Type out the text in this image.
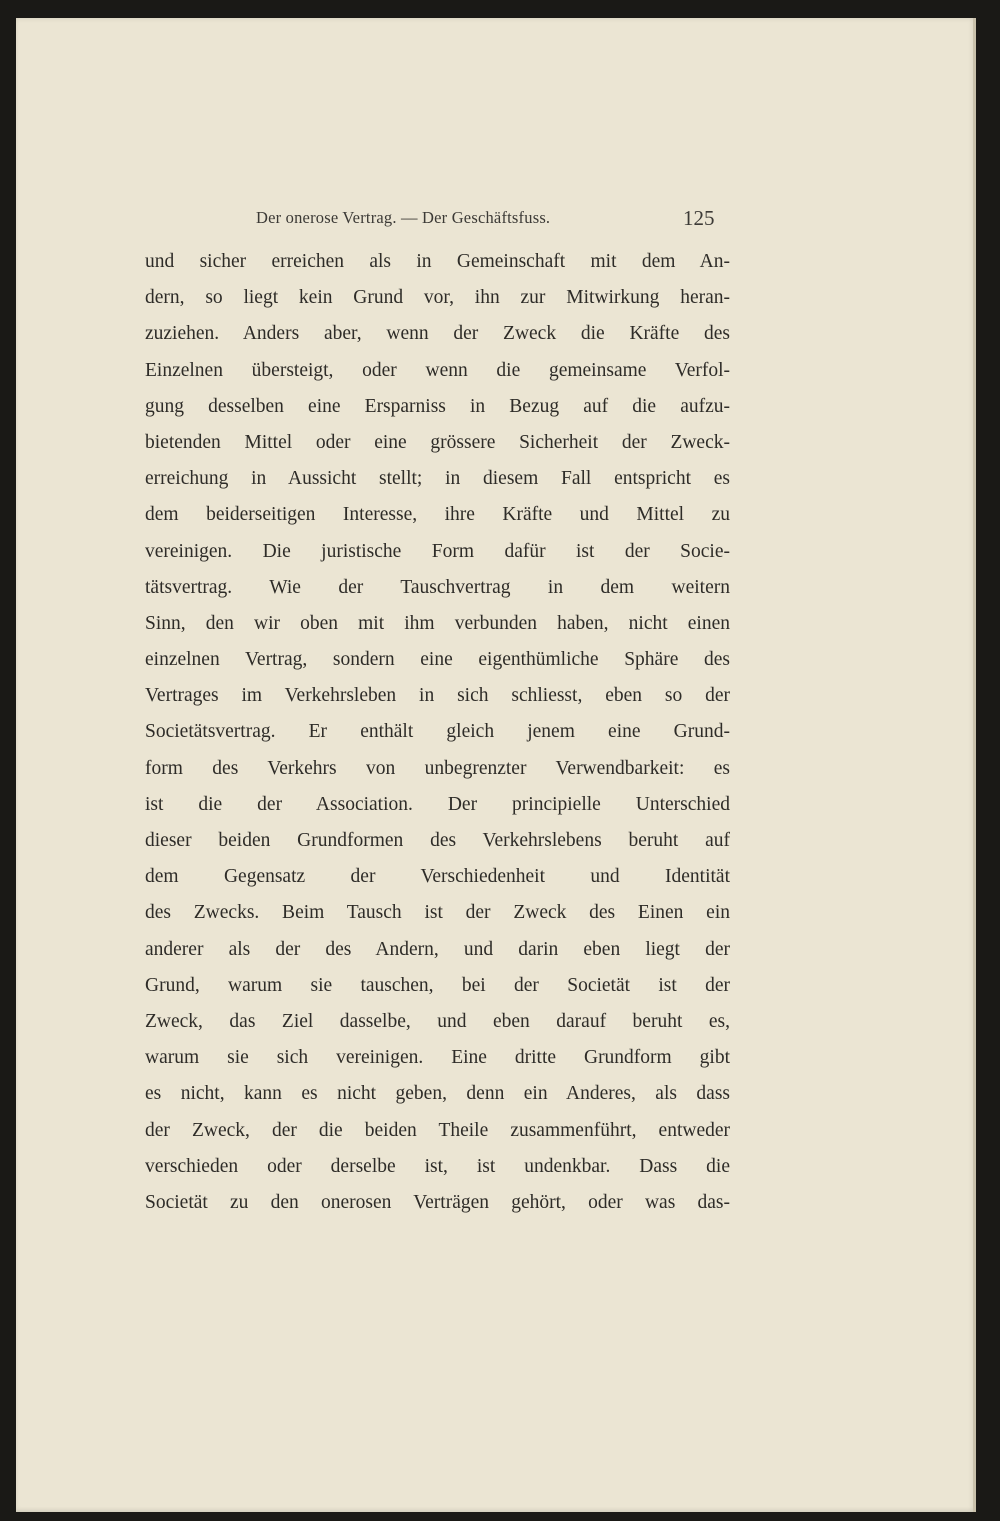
Der onerose Vertrag. — Der Geschäftsfuss.	125
und sicher erreichen als in Gemeinschaft mit dem An-
dern, so liegt kein Grund vor, ihn zur Mitwirkung heran-
zuziehen. Anders aber, wenn der Zweck die Kräfte des
Einzelnen übersteigt, oder wenn die gemeinsame Verfol-
gung desselben eine Ersparniss in Bezug auf die aufzu-
bietenden Mittel oder eine grössere Sicherheit der Zweck-
erreichung in Aussicht stellt; in diesem Fall entspricht es
dem beiderseitigen Interesse, ihre Kräfte und Mittel zu
vereinigen. Die juristische Form dafür ist der Socie-
tätsvertrag. Wie der Tauschvertrag in dem weitern
Sinn, den wir oben mit ihm verbunden haben, nicht einen
einzelnen Vertrag, sondern eine eigenthümliche Sphäre des
Vertrages im Verkehrsleben in sich schliesst, eben so der
Societätsvertrag. Er enthält gleich jenem eine Grund-
form des Verkehrs von unbegrenzter Verwendbarkeit: es
ist die der Association. Der principielle Unterschied
dieser beiden Grundformen des Verkehrslebens beruht auf
dem Gegensatz der Verschiedenheit und Identität
des Zwecks. Beim Tausch ist der Zweck des Einen ein
anderer als der des Andern, und darin eben liegt der
Grund, warum sie tauschen, bei der Societät ist der
Zweck, das Ziel dasselbe, und eben darauf beruht es,
warum sie sich vereinigen. Eine dritte Grundform gibt
es nicht, kann es nicht geben, denn ein Anderes, als dass
der Zweck, der die beiden Theile zusammenführt, entweder
verschieden oder derselbe ist, ist undenkbar. Dass die
Societät zu den onerosen Verträgen gehört, oder was das-
